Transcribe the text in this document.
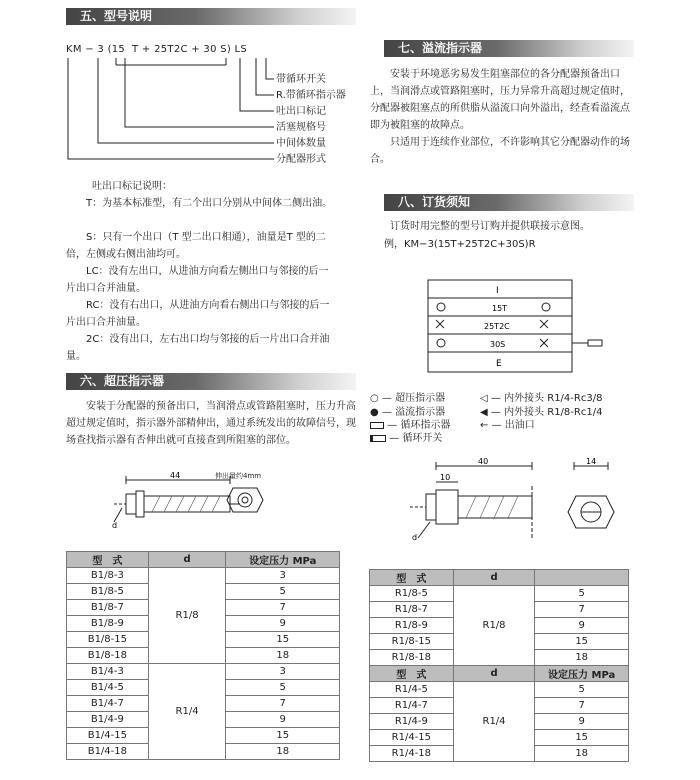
五、型号说明
KM − 3 (15  T + 25T2C + 30 S) LS
带循环开关
R.带循环指示器
吐出口标记
活塞规格号
中间体数量
分配器形式
吐出口标记说明：
T：为基本标准型，有二个出口分别从中间体二侧出油。
S：只有一个出口（T 型二出口相通），油量是T 型的二倍，左侧或右侧出油均可。
LC：没有左出口，从进油方向看左侧出口与邻接的后一片出口合并油量。
RC：没有右出口，从进油方向看右侧出口与邻接的后一片出口合并油量。
2C：没有出口，左右出口均与邻接的后一片出口合并油量。
六、超压指示器
安装于分配器的预备出口，当润滑点或管路阻塞时，压力升高超过规定值时，指示器外部精伸出，通过系统发出的故障信号，现场查找指示器有否伸出就可直接查到所阻塞的部位。
44
d
伸出量约4mm
型　式	d	设定压力 MPa
B1/8-3	R1/8	3
B1/8-5		5
B1/8-7		7
B1/8-9		9
B1/8-15		15
B1/8-18		18
B1/4-3	R1/4	3
B1/4-5		5
B1/4-7		7
B1/4-9		9
B1/4-15		15
B1/4-18		18
七、溢流指示器
安装于环境恶劣易发生阻塞部位的各分配器预备出口上，当润滑点或管路阻塞时，压力异常升高超过规定值时，分配器被阻塞点的所供脂从溢流口向外溢出，经查看溢流点即为被阻塞的故障点。
只适用于连续作业部位，不许影响其它分配器动作的场合。
八、订货须知
订货时用完整的型号订购并提供联接示意图。
例，KM−3(15T+25T2C+30S)R
I
15T
25T2C
30S
E
○ — 超压指示器
● — 溢流指示器
— 循环指示器
— 循环开关
◁ — 内外接头 R1/4-Rc3/8
◀ — 内外接头 R1/8-Rc1/4
← — 出油口
40
10
d
14
型　式	d	
R1/8-5	R1/8	5
R1/8-7		7
R1/8-9		9
R1/8-15		15
R1/8-18		18
型　式	d	设定压力 MPa
R1/4-5	R1/4	5
R1/4-7		7
R1/4-9		9
R1/4-15		15
R1/4-18		18
